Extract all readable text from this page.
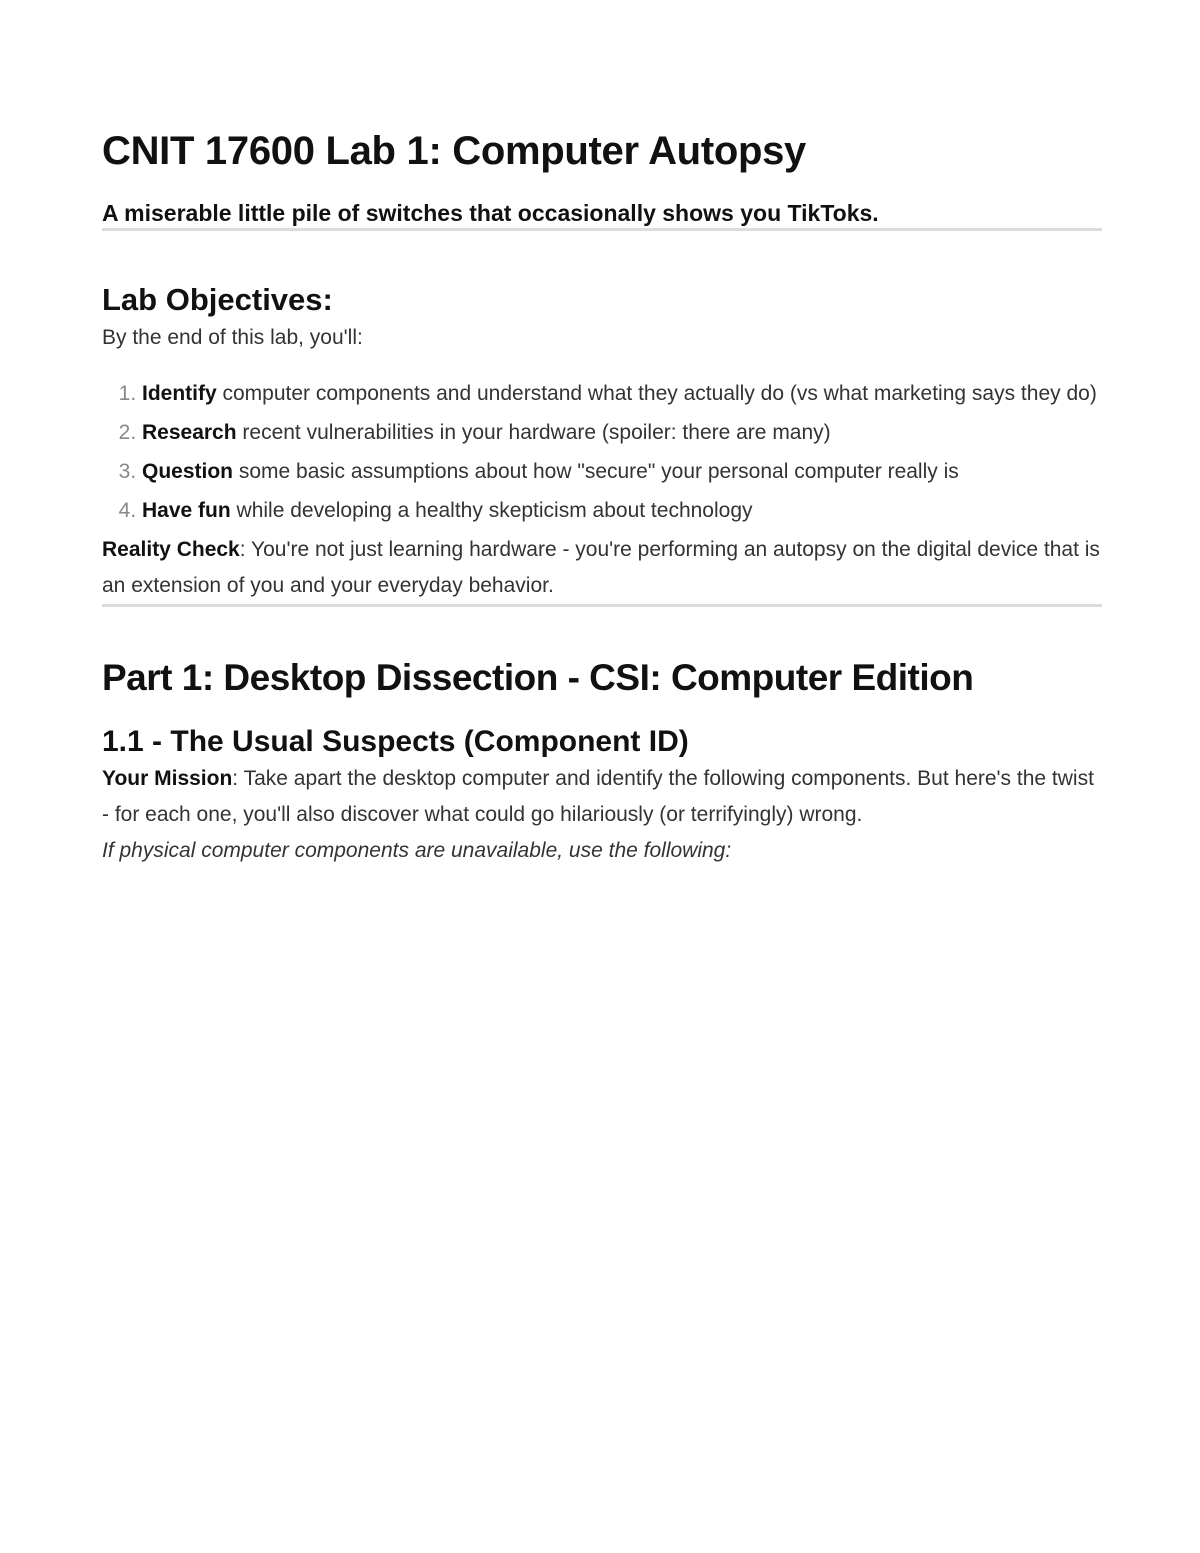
CNIT 17600 Lab 1: Computer Autopsy
A miserable little pile of switches that occasionally shows you TikToks.
Lab Objectives:

By the end of this lab, you'll:

1. Identify computer components and understand what they actually do (vs what marketing says they do)
2. Research recent vulnerabilities in your hardware (spoiler: there are many)
3. Question some basic assumptions about how "secure" your personal computer really is
4. Have fun while developing a healthy skepticism about technology

Reality Check: You're not just learning hardware - you're performing an autopsy on the digital device that is an extension of you and your everyday behavior.

Part 1: Desktop Dissection - CSI: Computer Edition
1.1 - The Usual Suspects (Component ID)

Your Mission: Take apart the desktop computer and identify the following components. But here's the twist - for each one, you'll also discover what could go hilariously (or terrifyingly) wrong.

If physical computer components are unavailable, use the following:
